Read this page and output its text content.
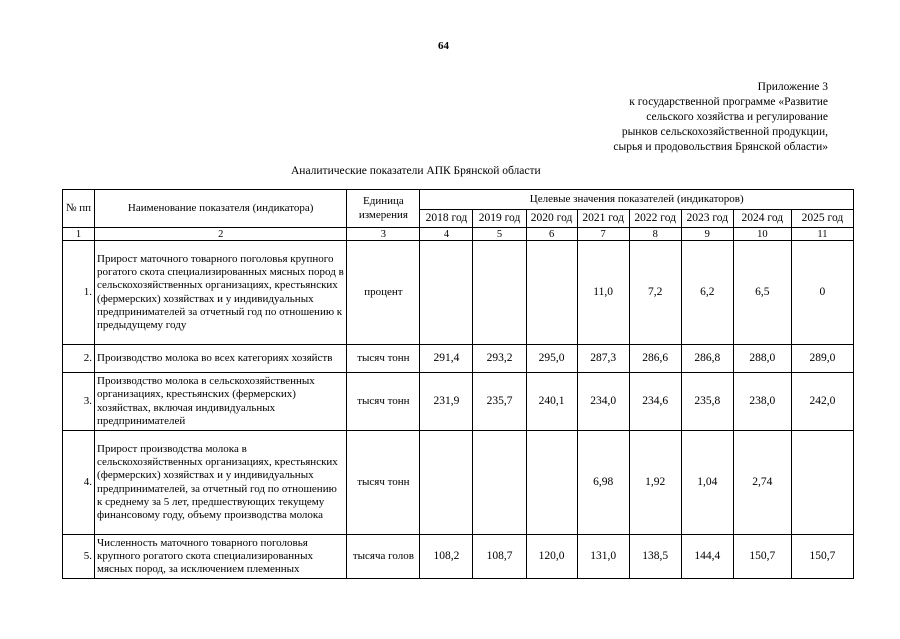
64
Приложение 3
к государственной программе «Развитие
сельского хозяйства и регулирование
рынков сельскохозяйственной продукции,
сырья и продовольствия Брянской области»
Аналитические показатели АПК Брянской области
№ пп	Наименование показателя (индикатора)	Единица измерения	Целевые значения показателей (индикаторов)							
			2018 год	2019 год	2020 год	2021 год	2022 год	2023 год	2024 год	2025 год
1	2	3	4	5	6	7	8	9	10	11
1.	Прирост маточного товарного поголовья крупного рогатого скота специализированных мясных пород в сельскохозяйственных организациях, крестьянских (фермерских) хозяйствах и у индивидуальных предпринимателей за отчетный год по отношению к предыдущему году	процент				11,0	7,2	6,2	6,5	0
2.	Производство молока во всех категориях хозяйств	тысяч тонн	291,4	293,2	295,0	287,3	286,6	286,8	288,0	289,0
3.	Производство молока в сельскохозяйственных организациях, крестьянских (фермерских) хозяйствах, включая индивидуальных предпринимателей	тысяч тонн	231,9	235,7	240,1	234,0	234,6	235,8	238,0	242,0
4.	Прирост производства молока в сельскохозяйственных организациях, крестьянских (фермерских) хозяйствах и у индивидуальных предпринимателей, за отчетный год по отношению к среднему за 5 лет, предшествующих текущему финансовому году, объему производства молока	тысяч тонн				6,98	1,92	1,04	2,74	
5.	Численность маточного товарного поголовья крупного рогатого скота специализированных мясных пород, за исключением племенных	тысяча голов	108,2	108,7	120,0	131,0	138,5	144,4	150,7	150,7
